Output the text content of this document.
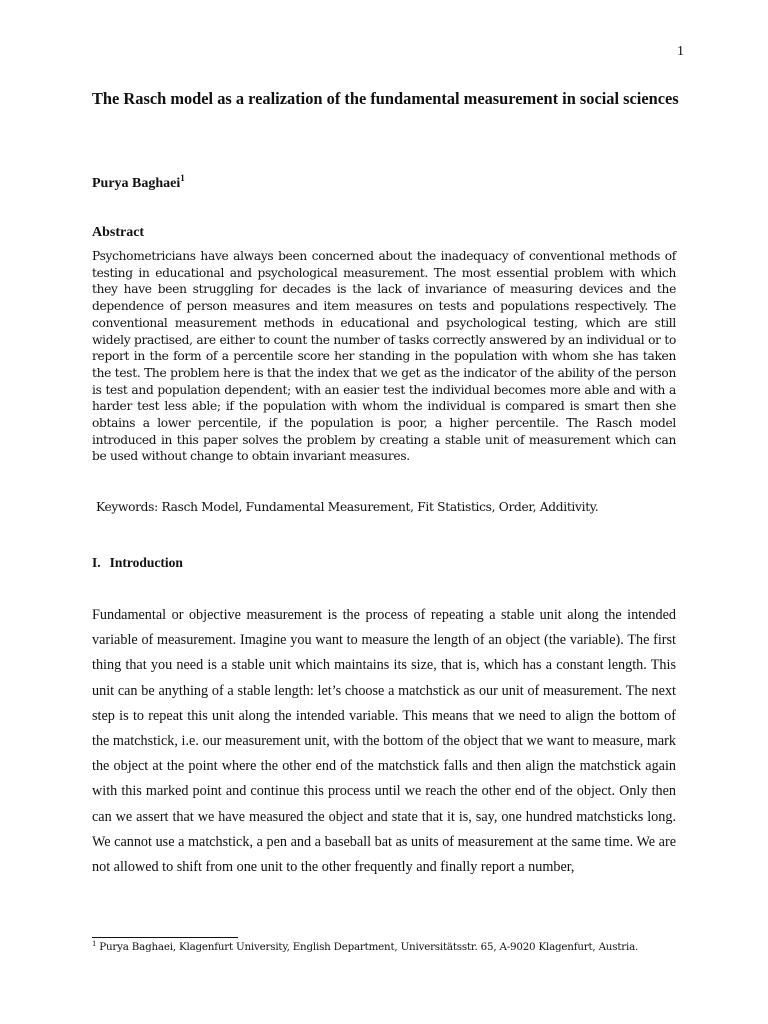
1
The Rasch model as a realization of the fundamental measurement in social sciences

Purya Baghaei$^1$

Abstract

Psychometricians have always been concerned about the inadequacy of conventional methods of testing in educational and psychological measurement. The most essential problem with which they have been struggling for decades is the lack of invariance of measuring devices and the dependence of person measures and item measures on tests and populations respectively. The conventional measurement methods in educational and psychological testing, which are still widely practised, are either to count the number of tasks correctly answered by an individual or to report in the form of a percentile score her standing in the population with whom she has taken the test. The problem here is that the index that we get as the indicator of the ability of the person is test and population dependent; with an easier test the individual becomes more able and with a harder test less able; if the population with whom the individual is compared is smart then she obtains a lower percentile, if the population is poor, a higher percentile. The Rasch model introduced in this paper solves the problem by creating a stable unit of measurement which can be used without change to obtain invariant measures.

Keywords: Rasch Model, Fundamental Measurement, Fit Statistics, Order, Additivity.

I. Introduction

Fundamental or objective measurement is the process of repeating a stable unit along the intended variable of measurement. Imagine you want to measure the length of an object (the variable). The first thing that you need is a stable unit which maintains its size, that is, which has a constant length. This unit can be anything of a stable length: let’s choose a matchstick as our unit of measurement. The next step is to repeat this unit along the intended variable. This means that we need to align the bottom of the matchstick, i.e. our measurement unit, with the bottom of the object that we want to measure, mark the object at the point where the other end of the matchstick falls and then align the matchstick again with this marked point and continue this process until we reach the other end of the object. Only then can we assert that we have measured the object and state that it is, say, one hundred matchsticks long. We cannot use a matchstick, a pen and a baseball bat as units of measurement at the same time. We are not allowed to shift from one unit to the other frequently and finally report a number,

$^1$ Purya Baghaei, Klagenfurt University, English Department, Universitätsstr. 65, A-9020 Klagenfurt, Austria.
